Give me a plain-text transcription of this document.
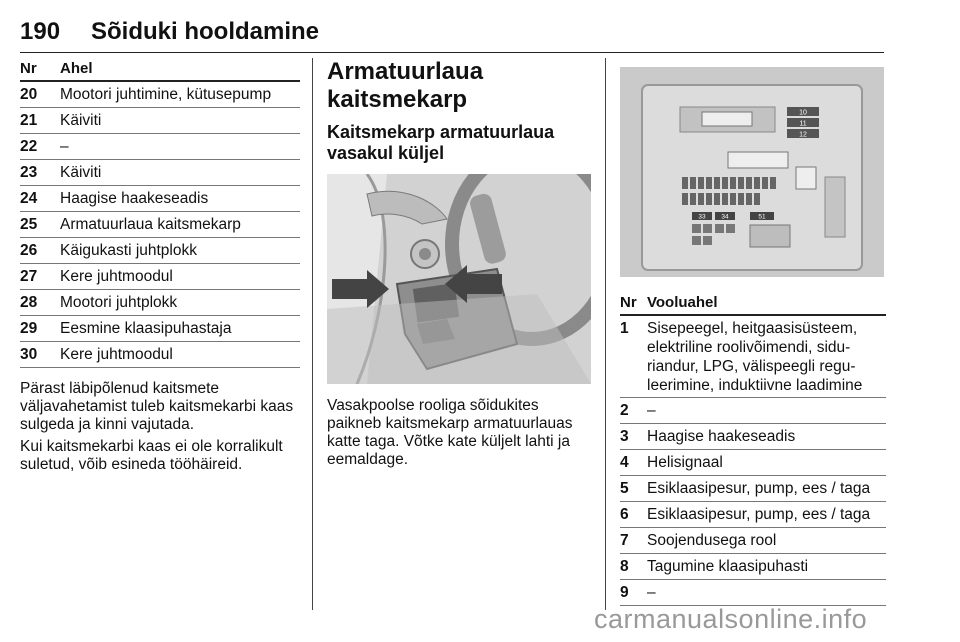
190 Sõiduki hooldamine
Nr	Ahel
20	Mootori juhtimine, kütusepump
21	Käiviti
22	–
23	Käiviti
24	Haagise haakeseadis
25	Armatuurlaua kaitsmekarp
26	Käigukasti juhtplokk
27	Kere juhtmoodul
28	Mootori juhtplokk
29	Eesmine klaasipuhastaja
30	Kere juhtmoodul

Pärast läbipõlenud kaitsmete väljavahetamist tuleb kaitsmekarbi kaas sulgeda ja kinni vajutada.

Kui kaitsmekarbi kaas ei ole korralikult suletud, võib esineda tööhäireid.

Armatuurlaua kaitsmekarp
Kaitsmekarp armatuurlaua vasakul küljel

Vasakpoolse rooliga sõidukites paikneb kaitsmekarp armatuurlauas katte taga. Võtke kate küljelt lahti ja eemaldage.

10
11
12
33 34	51
Nr Vooluahel
1	Sisepeegel, heitgaasisüsteem, elektriline roolivõimendi, sidu-riandur, LPG, välispeegli regu-leerimine, induktiivne laadimine
2	–
3	Haagise haakeseadis
4	Helisignaal
5	Esiklaasipesur, pump, ees / taga
6	Esiklaasipesur, pump, ees / taga
7	Soojendusega rool
8	Tagumine klaasipuhasti
9	–
carmanualsonline.info
